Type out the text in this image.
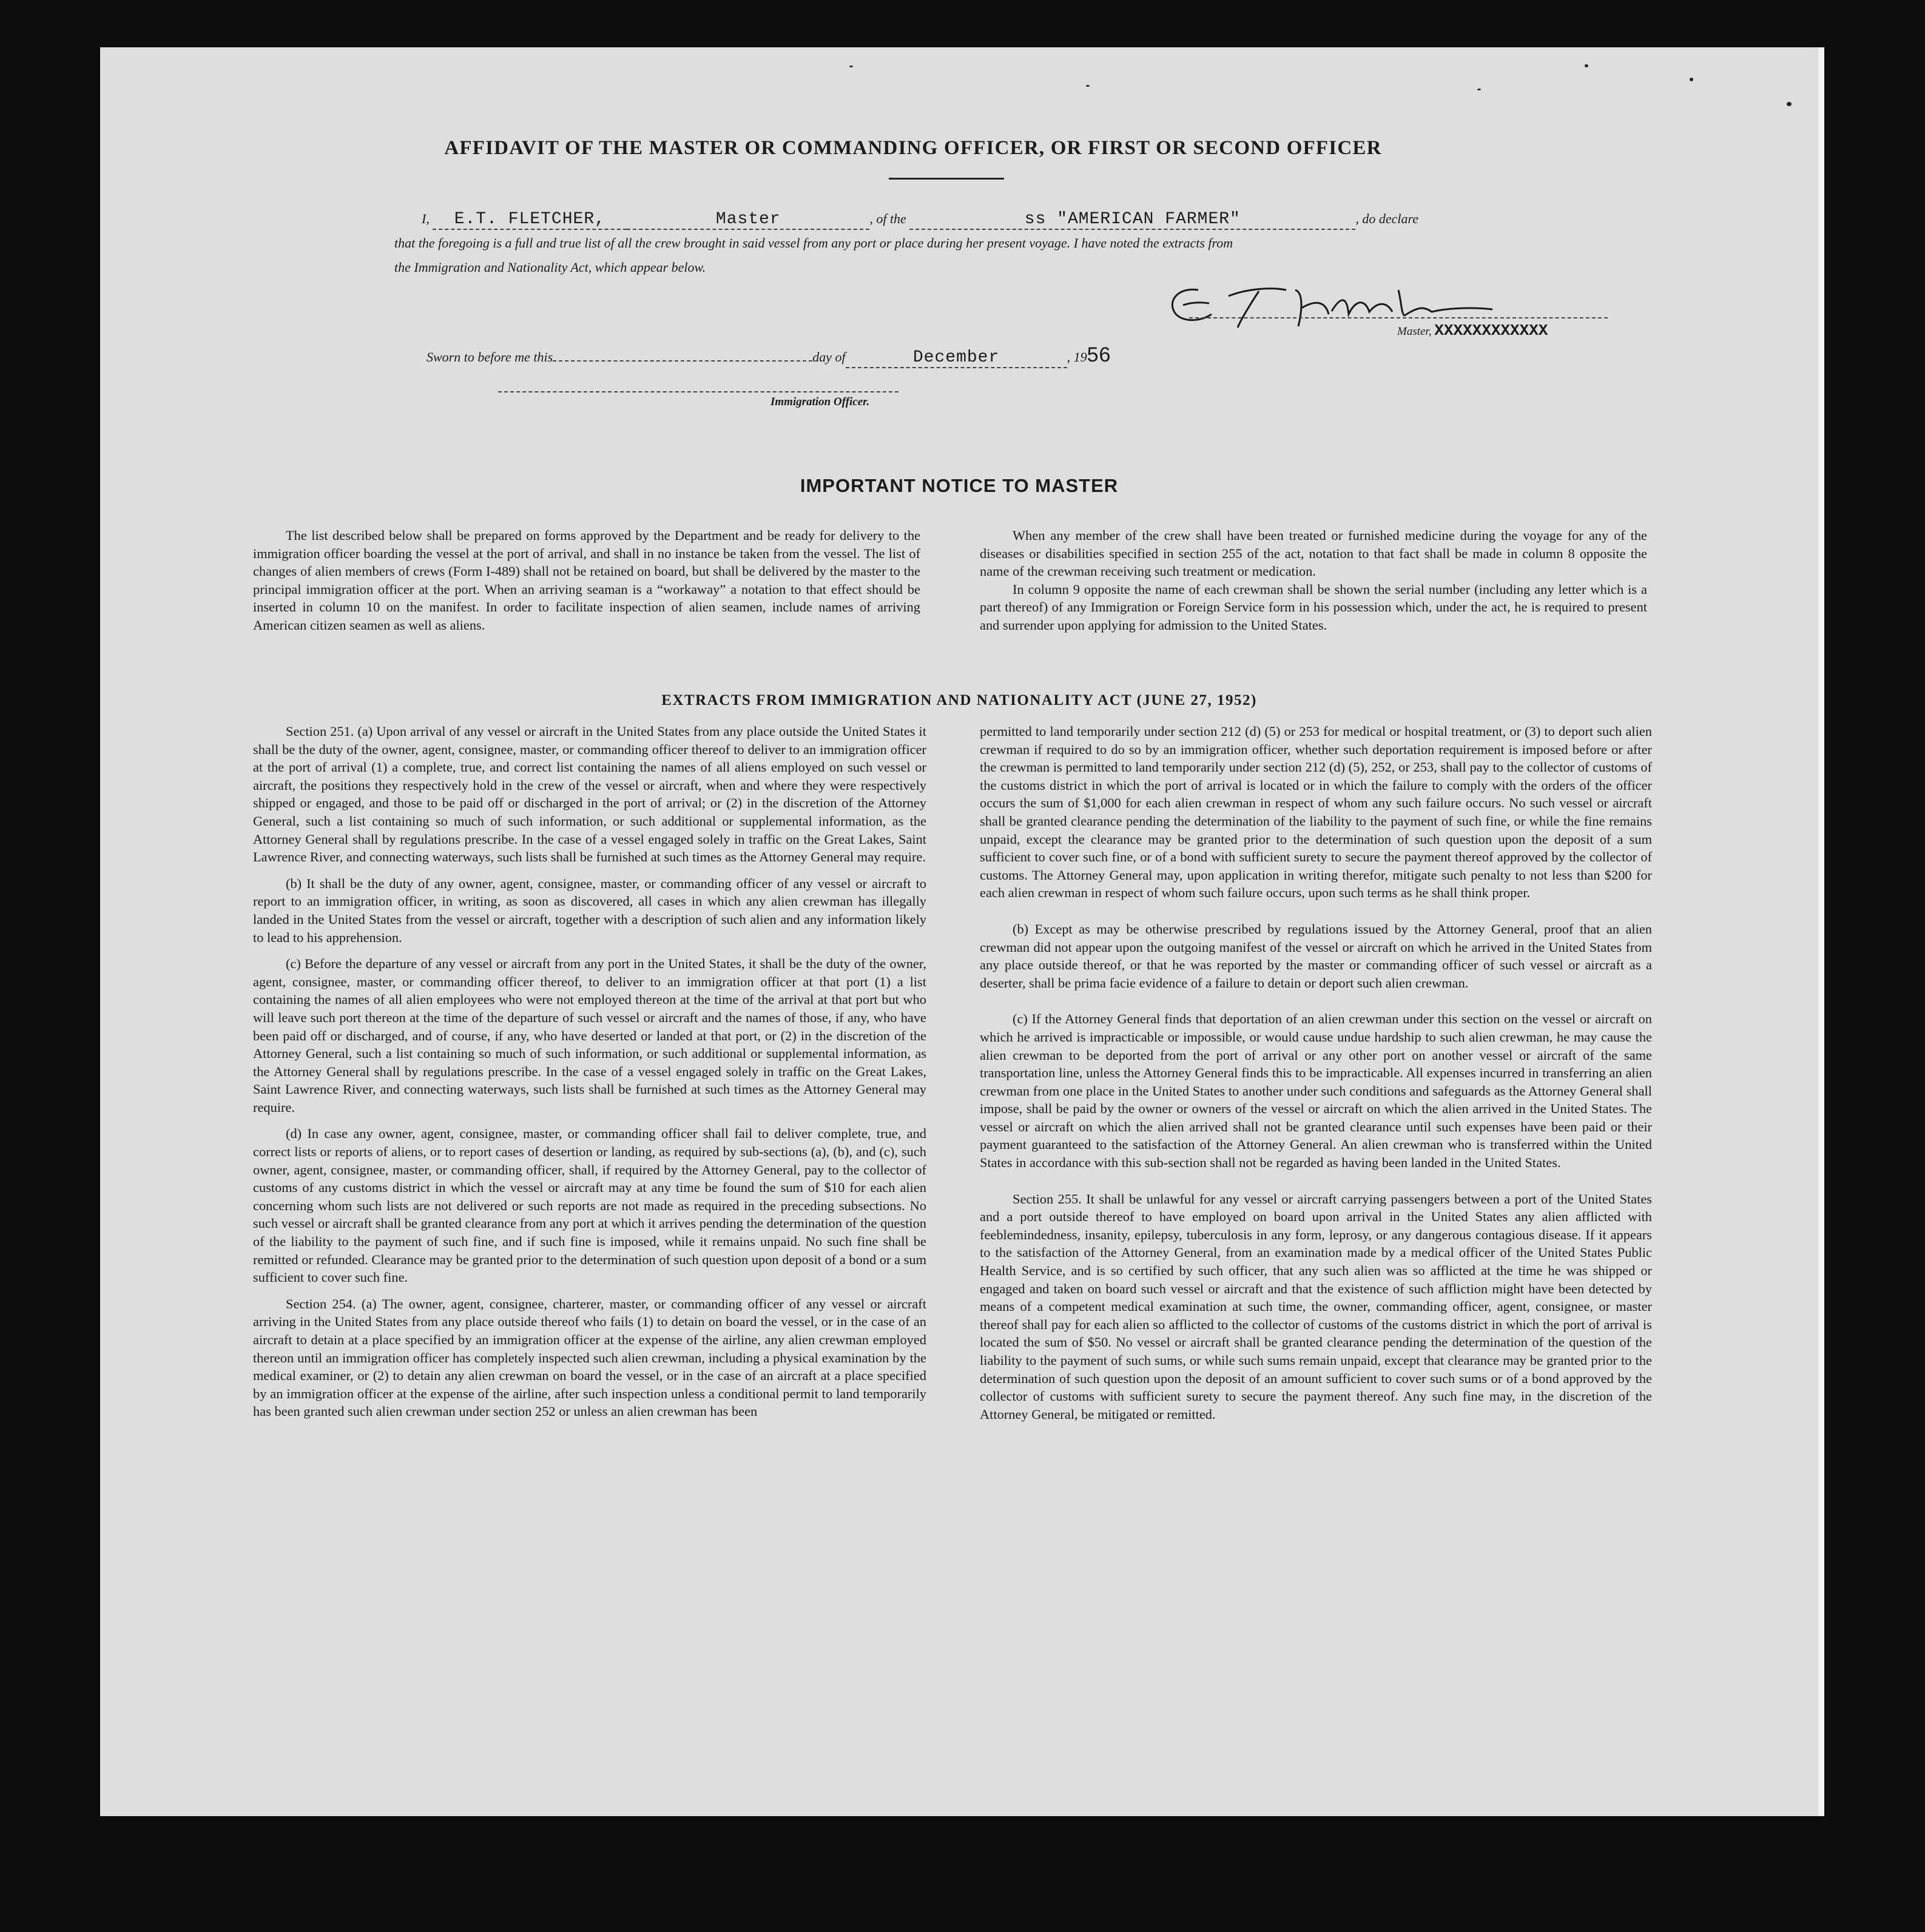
AFFIDAVIT OF THE MASTER OR COMMANDING OFFICER, OR FIRST OR SECOND OFFICER
I, E.T. FLETCHER,	Master	, of the	ss "AMERICAN FARMER"	, do declare
that the foregoing is a full and true list of all the crew brought in said vessel from any port or place during her present voyage. I have noted the extracts from
the Immigration and Nationality Act, which appear below.
Master, XXXXXXXXXXXX
Sworn to before me this	day of	December	, 1956
Immigration Officer.
IMPORTANT NOTICE TO MASTER

The list described below shall be prepared on forms approved by the Department and be ready for delivery to the immigration officer boarding the vessel at the port of arrival, and shall in no instance be taken from the vessel. The list of changes of alien members of crews (Form I-489) shall not be retained on board, but shall be delivered by the master to the principal immigration officer at the port. When an arriving seaman is a “workaway” a notation to that effect should be inserted in column 10 on the manifest. In order to facilitate inspection of alien seamen, include names of arriving American citizen seamen as well as aliens.

When any member of the crew shall have been treated or furnished medicine during the voyage for any of the diseases or disabilities specified in section 255 of the act, notation to that fact shall be made in column 8 opposite the name of the crewman receiving such treatment or medication.

In column 9 opposite the name of each crewman shall be shown the serial number (including any letter which is a part thereof) of any Immigration or Foreign Service form in his possession which, under the act, he is required to present and surrender upon applying for admission to the United States.

EXTRACTS FROM IMMIGRATION AND NATIONALITY ACT (JUNE 27, 1952)

Section 251. (a) Upon arrival of any vessel or aircraft in the United States from any place outside the United States it shall be the duty of the owner, agent, consignee, master, or commanding officer thereof to deliver to an immigration officer at the port of arrival (1) a complete, true, and correct list containing the names of all aliens employed on such vessel or aircraft, the positions they respectively hold in the crew of the vessel or aircraft, when and where they were respectively shipped or engaged, and those to be paid off or discharged in the port of arrival; or (2) in the discretion of the Attorney General, such a list containing so much of such information, or such additional or supplemental information, as the Attorney General shall by regulations prescribe. In the case of a vessel engaged solely in traffic on the Great Lakes, Saint Lawrence River, and connecting waterways, such lists shall be furnished at such times as the Attorney General may require.

(b) It shall be the duty of any owner, agent, consignee, master, or commanding officer of any vessel or aircraft to report to an immigration officer, in writing, as soon as discovered, all cases in which any alien crewman has illegally landed in the United States from the vessel or aircraft, together with a description of such alien and any information likely to lead to his apprehension.

(c) Before the departure of any vessel or aircraft from any port in the United States, it shall be the duty of the owner, agent, consignee, master, or commanding officer thereof, to deliver to an immigration officer at that port (1) a list containing the names of all alien employees who were not employed thereon at the time of the arrival at that port but who will leave such port thereon at the time of the departure of such vessel or aircraft and the names of those, if any, who have been paid off or discharged, and of course, if any, who have deserted or landed at that port, or (2) in the discretion of the Attorney General, such a list containing so much of such information, or such additional or supplemental information, as the Attorney General shall by regulations prescribe. In the case of a vessel engaged solely in traffic on the Great Lakes, Saint Lawrence River, and connecting waterways, such lists shall be furnished at such times as the Attorney General may require.

(d) In case any owner, agent, consignee, master, or commanding officer shall fail to deliver complete, true, and correct lists or reports of aliens, or to report cases of desertion or landing, as required by sub-sections (a), (b), and (c), such owner, agent, consignee, master, or commanding officer, shall, if required by the Attorney General, pay to the collector of customs of any customs district in which the vessel or aircraft may at any time be found the sum of $10 for each alien concerning whom such lists are not delivered or such reports are not made as required in the preceding subsections. No such vessel or aircraft shall be granted clearance from any port at which it arrives pending the determination of the question of the liability to the payment of such fine, and if such fine is imposed, while it remains unpaid. No such fine shall be remitted or refunded. Clearance may be granted prior to the determination of such question upon deposit of a bond or a sum sufficient to cover such fine.

Section 254. (a) The owner, agent, consignee, charterer, master, or commanding officer of any vessel or aircraft arriving in the United States from any place outside thereof who fails (1) to detain on board the vessel, or in the case of an aircraft to detain at a place specified by an immigration officer at the expense of the airline, any alien crewman employed thereon until an immigration officer has completely inspected such alien crewman, including a physical examination by the medical examiner, or (2) to detain any alien crewman on board the vessel, or in the case of an aircraft at a place specified by an immigration officer at the expense of the airline, after such inspection unless a conditional permit to land temporarily has been granted such alien crewman under section 252 or unless an alien crewman has been

permitted to land temporarily under section 212 (d) (5) or 253 for medical or hospital treatment, or (3) to deport such alien crewman if required to do so by an immigration officer, whether such deportation requirement is imposed before or after the crewman is permitted to land temporarily under section 212 (d) (5), 252, or 253, shall pay to the collector of customs of the customs district in which the port of arrival is located or in which the failure to comply with the orders of the officer occurs the sum of $1,000 for each alien crewman in respect of whom any such failure occurs. No such vessel or aircraft shall be granted clearance pending the determination of the liability to the payment of such fine, or while the fine remains unpaid, except the clearance may be granted prior to the determination of such question upon the deposit of a sum sufficient to cover such fine, or of a bond with sufficient surety to secure the payment thereof approved by the collector of customs. The Attorney General may, upon application in writing therefor, mitigate such penalty to not less than $200 for each alien crewman in respect of whom such failure occurs, upon such terms as he shall think proper.

(b) Except as may be otherwise prescribed by regulations issued by the Attorney General, proof that an alien crewman did not appear upon the outgoing manifest of the vessel or aircraft on which he arrived in the United States from any place outside thereof, or that he was reported by the master or commanding officer of such vessel or aircraft as a deserter, shall be prima facie evidence of a failure to detain or deport such alien crewman.

(c) If the Attorney General finds that deportation of an alien crewman under this section on the vessel or aircraft on which he arrived is impracticable or impossible, or would cause undue hardship to such alien crewman, he may cause the alien crewman to be deported from the port of arrival or any other port on another vessel or aircraft of the same transportation line, unless the Attorney General finds this to be impracticable. All expenses incurred in transferring an alien crewman from one place in the United States to another under such conditions and safeguards as the Attorney General shall impose, shall be paid by the owner or owners of the vessel or aircraft on which the alien arrived in the United States. The vessel or aircraft on which the alien arrived shall not be granted clearance until such expenses have been paid or their payment guaranteed to the satisfaction of the Attorney General. An alien crewman who is transferred within the United States in accordance with this sub-section shall not be regarded as having been landed in the United States.

Section 255. It shall be unlawful for any vessel or aircraft carrying passengers between a port of the United States and a port outside thereof to have employed on board upon arrival in the United States any alien afflicted with feeblemindedness, insanity, epilepsy, tuberculosis in any form, leprosy, or any dangerous contagious disease. If it appears to the satisfaction of the Attorney General, from an examination made by a medical officer of the United States Public Health Service, and is so certified by such officer, that any such alien was so afflicted at the time he was shipped or engaged and taken on board such vessel or aircraft and that the existence of such affliction might have been detected by means of a competent medical examination at such time, the owner, commanding officer, agent, consignee, or master thereof shall pay for each alien so afflicted to the collector of customs of the customs district in which the port of arrival is located the sum of $50. No vessel or aircraft shall be granted clearance pending the determination of the question of the liability to the payment of such sums, or while such sums remain unpaid, except that clearance may be granted prior to the determination of such question upon the deposit of an amount sufficient to cover such sums or of a bond approved by the collector of customs with sufficient surety to secure the payment thereof. Any such fine may, in the discretion of the Attorney General, be mitigated or remitted.
